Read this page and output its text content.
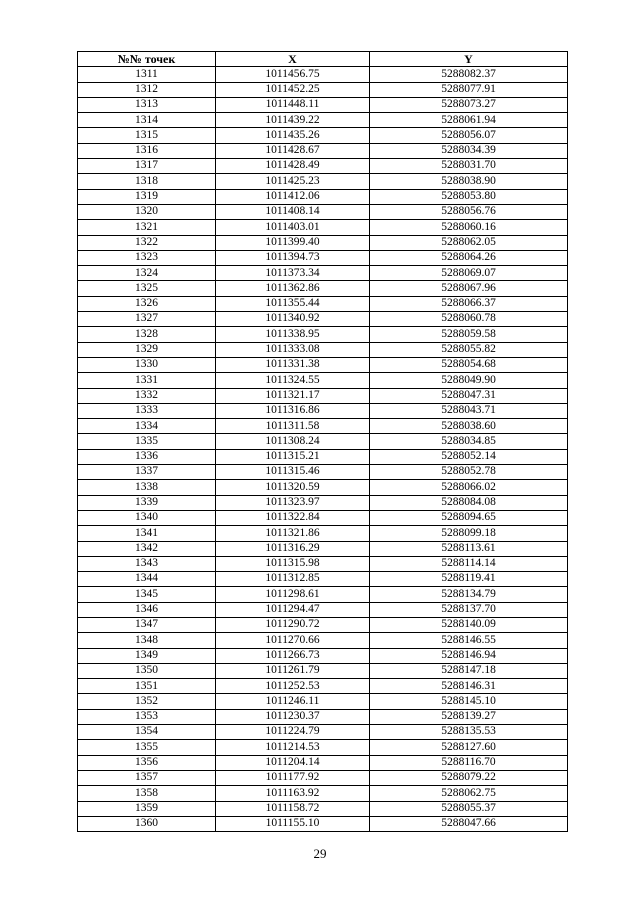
№№ точек	X	Y
1311	1011456.75	5288082.37
1312	1011452.25	5288077.91
1313	1011448.11	5288073.27
1314	1011439.22	5288061.94
1315	1011435.26	5288056.07
1316	1011428.67	5288034.39
1317	1011428.49	5288031.70
1318	1011425.23	5288038.90
1319	1011412.06	5288053.80
1320	1011408.14	5288056.76
1321	1011403.01	5288060.16
1322	1011399.40	5288062.05
1323	1011394.73	5288064.26
1324	1011373.34	5288069.07
1325	1011362.86	5288067.96
1326	1011355.44	5288066.37
1327	1011340.92	5288060.78
1328	1011338.95	5288059.58
1329	1011333.08	5288055.82
1330	1011331.38	5288054.68
1331	1011324.55	5288049.90
1332	1011321.17	5288047.31
1333	1011316.86	5288043.71
1334	1011311.58	5288038.60
1335	1011308.24	5288034.85
1336	1011315.21	5288052.14
1337	1011315.46	5288052.78
1338	1011320.59	5288066.02
1339	1011323.97	5288084.08
1340	1011322.84	5288094.65
1341	1011321.86	5288099.18
1342	1011316.29	5288113.61
1343	1011315.98	5288114.14
1344	1011312.85	5288119.41
1345	1011298.61	5288134.79
1346	1011294.47	5288137.70
1347	1011290.72	5288140.09
1348	1011270.66	5288146.55
1349	1011266.73	5288146.94
1350	1011261.79	5288147.18
1351	1011252.53	5288146.31
1352	1011246.11	5288145.10
1353	1011230.37	5288139.27
1354	1011224.79	5288135.53
1355	1011214.53	5288127.60
1356	1011204.14	5288116.70
1357	1011177.92	5288079.22
1358	1011163.92	5288062.75
1359	1011158.72	5288055.37
1360	1011155.10	5288047.66
29
